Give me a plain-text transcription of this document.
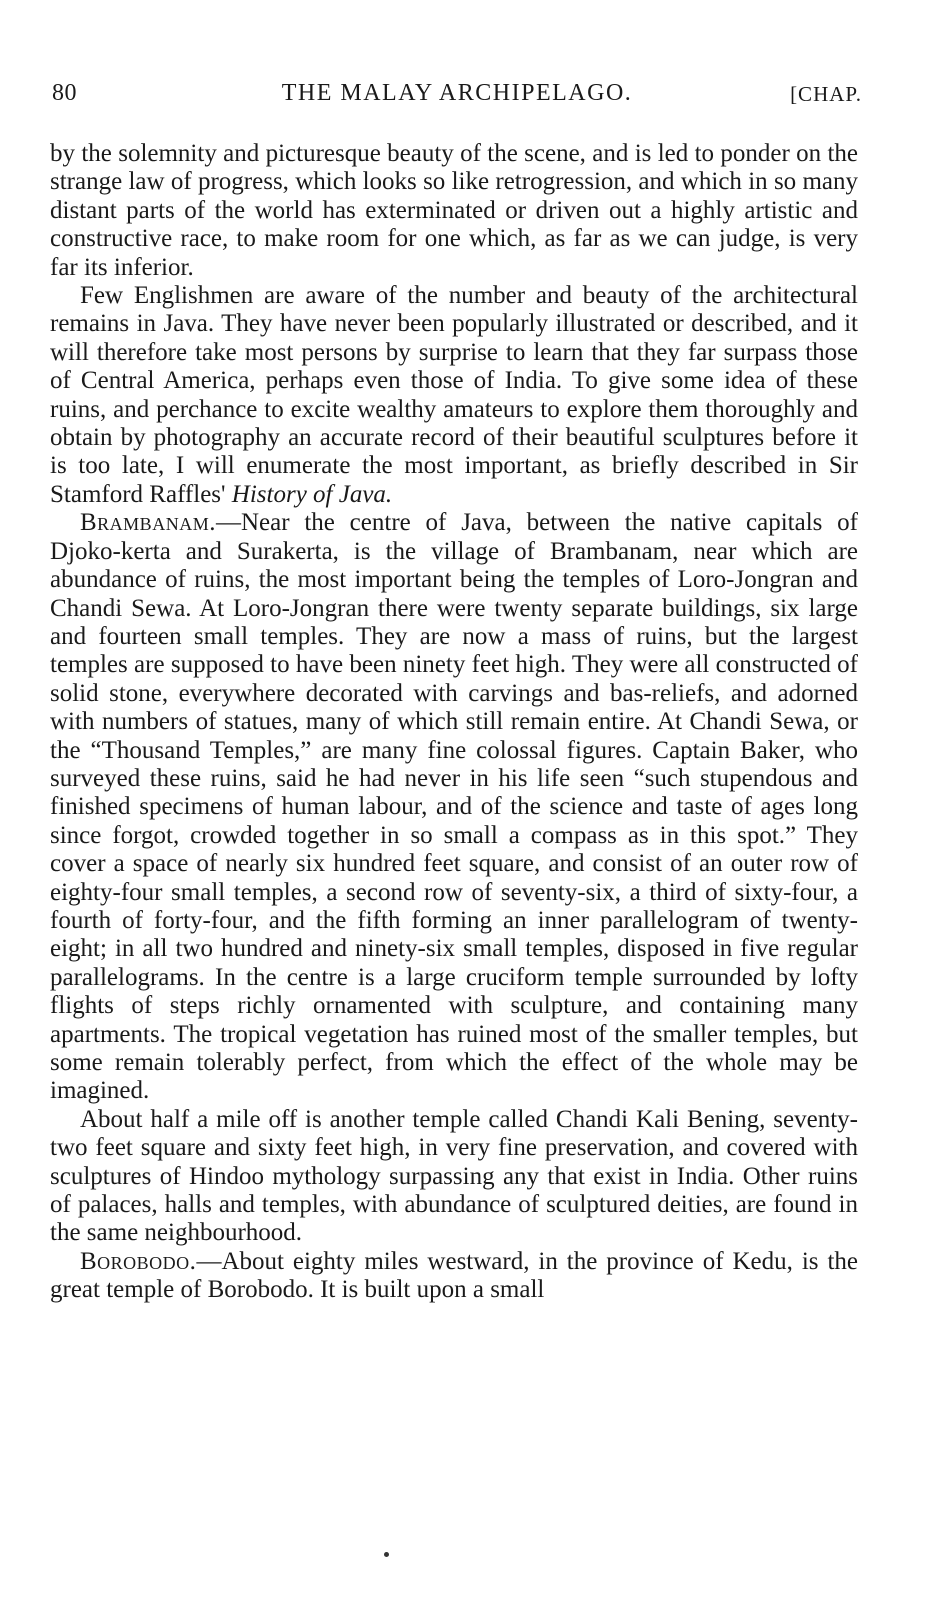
80	THE MALAY ARCHIPELAGO.	[CHAP.

by the solemnity and picturesque beauty of the scene, and is led to ponder on the strange law of progress, which looks so like retrogression, and which in so many distant parts of the world has exterminated or driven out a highly artistic and constructive race, to make room for one which, as far as we can judge, is very far its inferior.

Few Englishmen are aware of the number and beauty of the architectural remains in Java. They have never been popularly illustrated or described, and it will therefore take most persons by surprise to learn that they far surpass those of Central America, perhaps even those of India. To give some idea of these ruins, and perchance to excite wealthy amateurs to explore them thoroughly and obtain by photography an accurate record of their beautiful sculptures before it is too late, I will enumerate the most important, as briefly described in Sir Stamford Raffles' History of Java.

Brambanam.—Near the centre of Java, between the native capitals of Djoko-kerta and Surakerta, is the village of Brambanam, near which are abundance of ruins, the most important being the temples of Loro-Jongran and Chandi Sewa. At Loro-Jongran there were twenty separate buildings, six large and fourteen small temples. They are now a mass of ruins, but the largest temples are supposed to have been ninety feet high. They were all constructed of solid stone, everywhere decorated with carvings and bas-reliefs, and adorned with numbers of statues, many of which still remain entire. At Chandi Sewa, or the “Thousand Temples,” are many fine colossal figures. Captain Baker, who surveyed these ruins, said he had never in his life seen “such stupendous and finished specimens of human labour, and of the science and taste of ages long since forgot, crowded together in so small a compass as in this spot.” They cover a space of nearly six hundred feet square, and consist of an outer row of eighty-four small temples, a second row of seventy-six, a third of sixty-four, a fourth of forty-four, and the fifth forming an inner parallelogram of twenty-eight; in all two hundred and ninety-six small temples, disposed in five regular parallelograms. In the centre is a large cruciform temple surrounded by lofty flights of steps richly ornamented with sculpture, and containing many apartments. The tropical vegetation has ruined most of the smaller temples, but some remain tolerably perfect, from which the effect of the whole may be imagined.

About half a mile off is another temple called Chandi Kali Bening, seventy-two feet square and sixty feet high, in very fine preservation, and covered with sculptures of Hindoo mythology surpassing any that exist in India. Other ruins of palaces, halls and temples, with abundance of sculptured deities, are found in the same neighbourhood.

Borobodo.—About eighty miles westward, in the province of Kedu, is the great temple of Borobodo. It is built upon a small
